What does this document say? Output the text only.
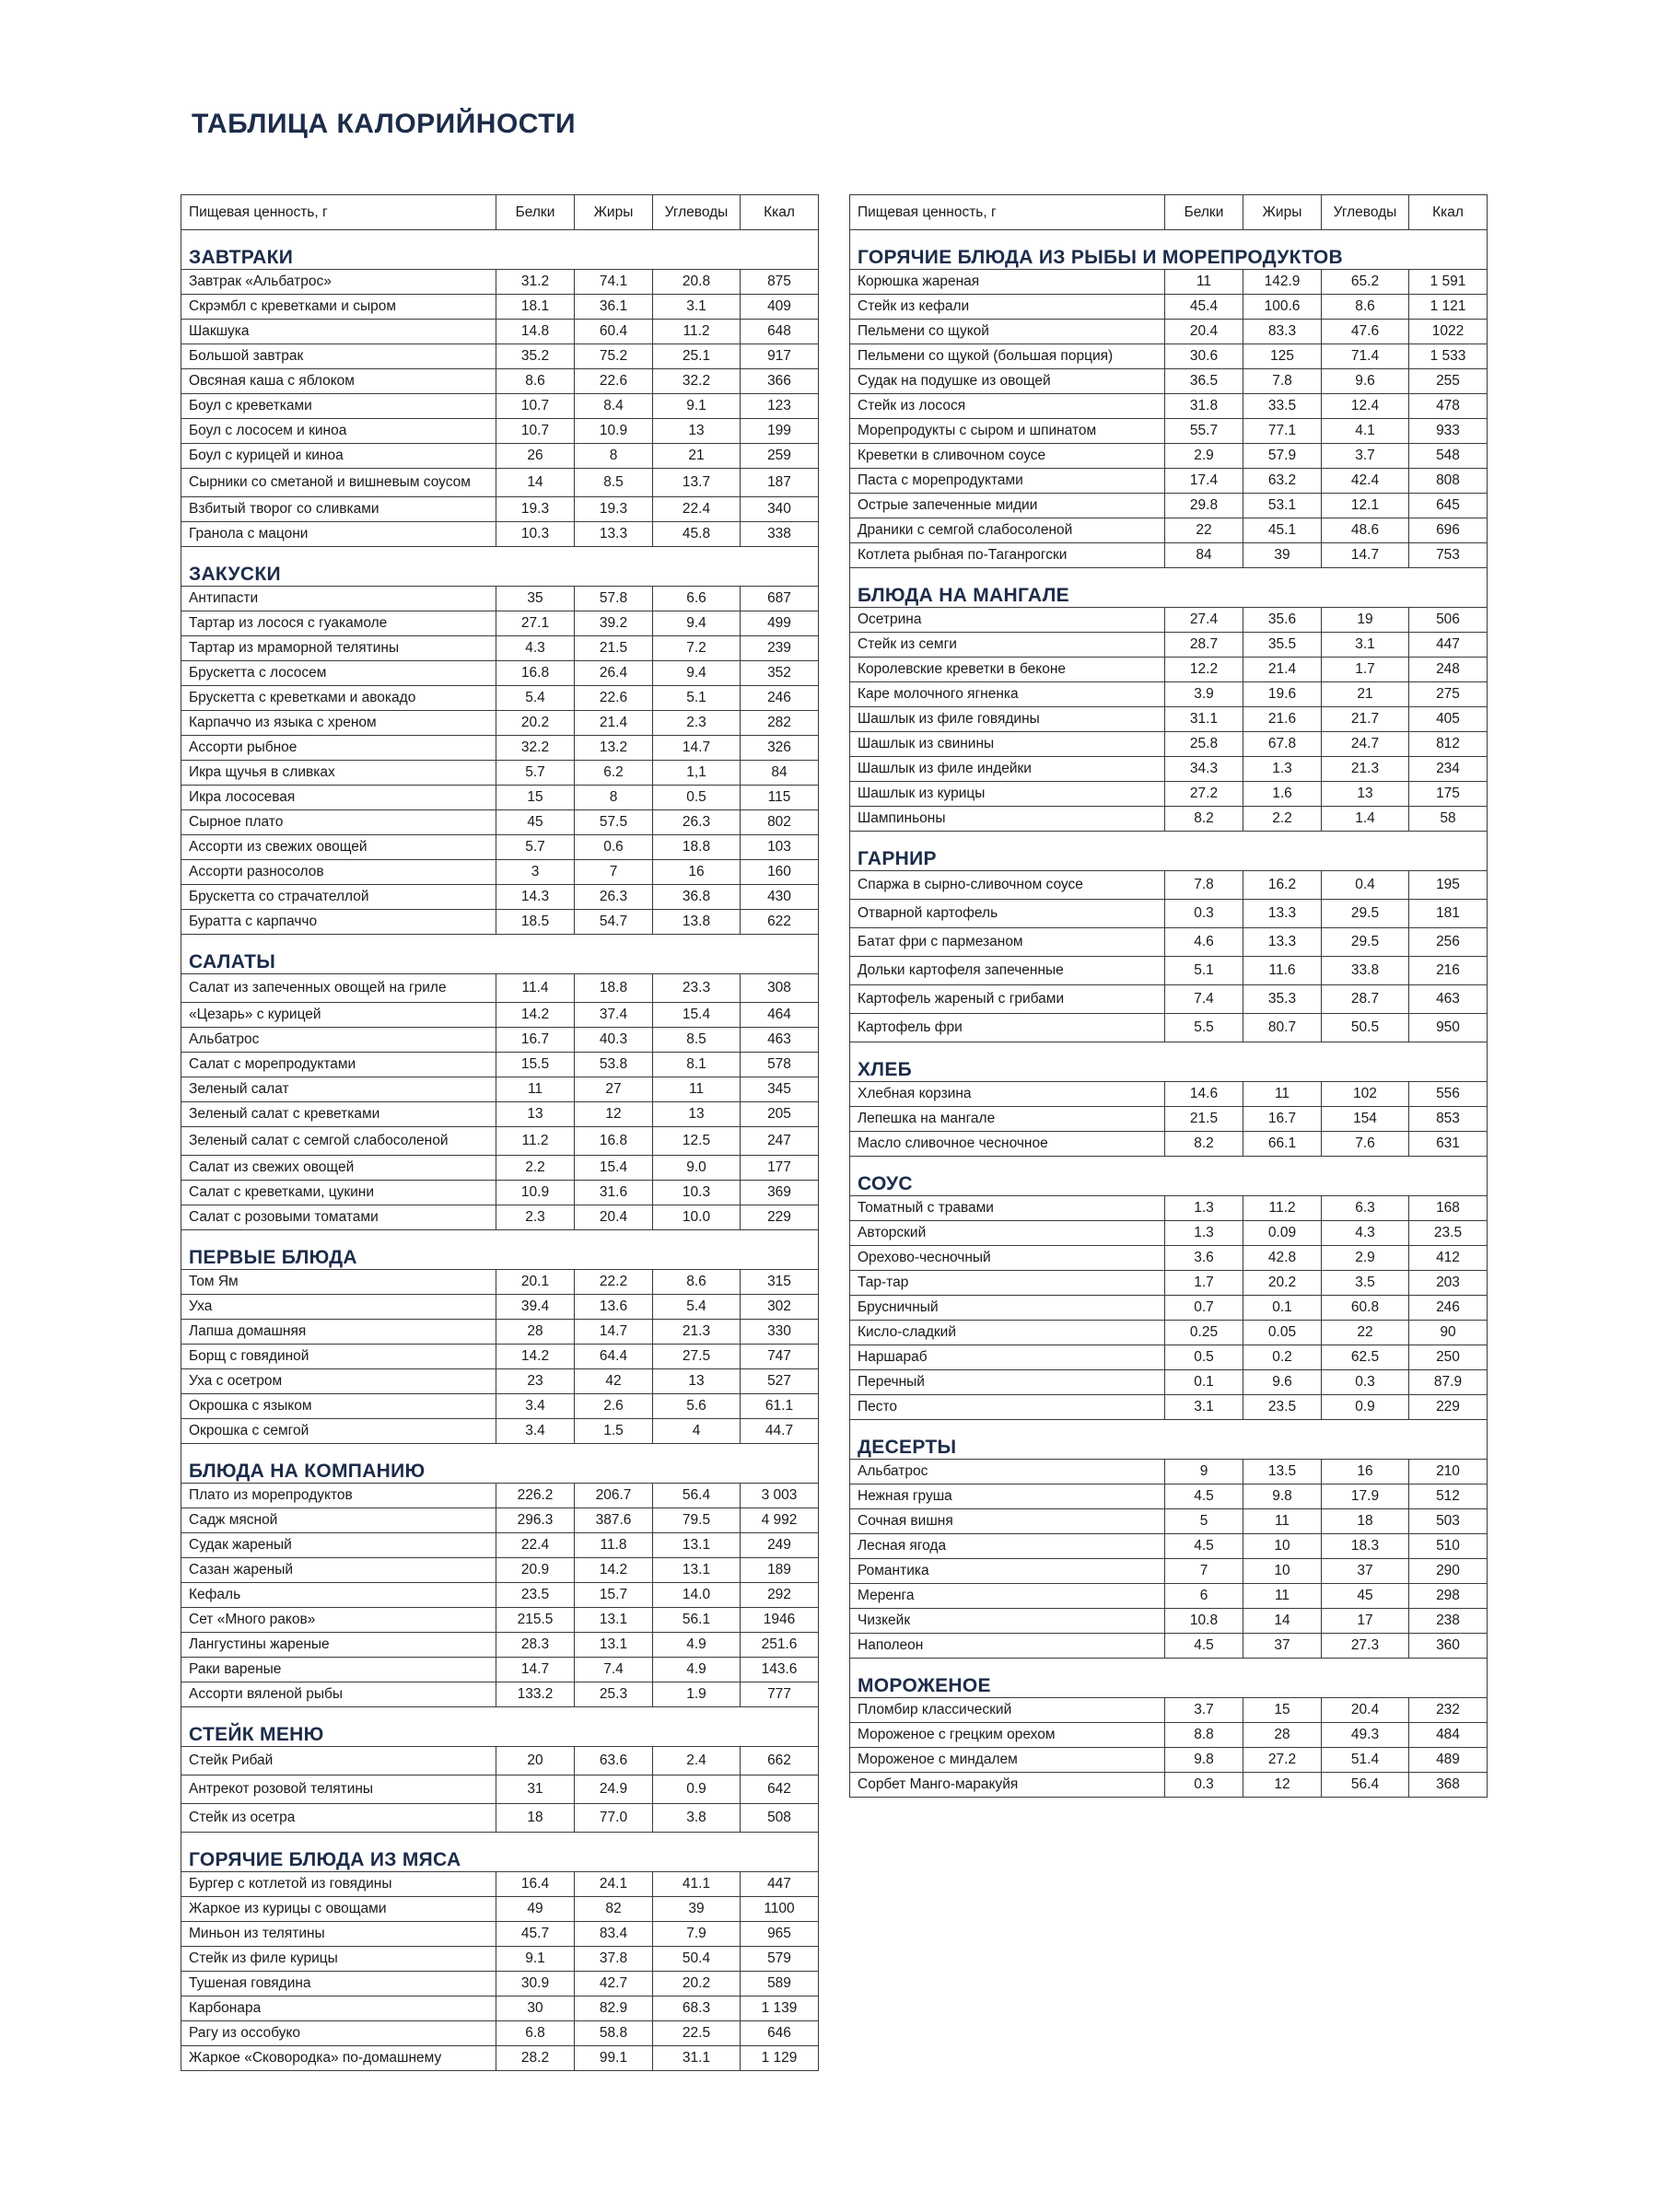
ТАБЛИЦА КАЛОРИЙНОСТИ
Пищевая ценность, г	Белки	Жиры	Углеводы	Ккал
ЗАВТРАКИ				
Завтрак «Альбатрос»	31.2	74.1	20.8	875
Скрэмбл с креветками и сыром	18.1	36.1	3.1	409
Шакшука	14.8	60.4	11.2	648
Большой завтрак	35.2	75.2	25.1	917
Овсяная каша с яблоком	8.6	22.6	32.2	366
Боул с креветками	10.7	8.4	9.1	123
Боул с лососем и киноа	10.7	10.9	13	199
Боул с курицей и киноа	26	8	21	259
Сырники со сметаной и вишневым соусом	14	8.5	13.7	187
Взбитый творог со сливками	19.3	19.3	22.4	340
Гранола с мацони	10.3	13.3	45.8	338
ЗАКУСКИ				
Антипасти	35	57.8	6.6	687
Тартар из лосося с гуакамоле	27.1	39.2	9.4	499
Тартар из мраморной телятины	4.3	21.5	7.2	239
Брускетта с лососем	16.8	26.4	9.4	352
Брускетта с креветками и авокадо	5.4	22.6	5.1	246
Карпаччо из языка с хреном	20.2	21.4	2.3	282
Ассорти рыбное	32.2	13.2	14.7	326
Икра щучья в сливках	5.7	6.2	1,1	84
Икра лососевая	15	8	0.5	115
Сырное плато	45	57.5	26.3	802
Ассорти из свежих овощей	5.7	0.6	18.8	103
Ассорти разносолов	3	7	16	160
Брускетта со страчателлой	14.3	26.3	36.8	430
Буратта с карпаччо	18.5	54.7	13.8	622
САЛАТЫ				
Салат из запеченных овощей на гриле	11.4	18.8	23.3	308
«Цезарь» с курицей	14.2	37.4	15.4	464
Альбатрос	16.7	40.3	8.5	463
Салат с морепродуктами	15.5	53.8	8.1	578
Зеленый салат	11	27	11	345
Зеленый салат с креветками	13	12	13	205
Зеленый салат с семгой слабосоленой	11.2	16.8	12.5	247
Салат из свежих овощей	2.2	15.4	9.0	177
Салат с креветками, цукини	10.9	31.6	10.3	369
Салат с розовыми томатами	2.3	20.4	10.0	229
ПЕРВЫЕ БЛЮДА				
Том Ям	20.1	22.2	8.6	315
Уха	39.4	13.6	5.4	302
Лапша домашняя	28	14.7	21.3	330
Борщ с говядиной	14.2	64.4	27.5	747
Уха с осетром	23	42	13	527
Окрошка с языком	3.4	2.6	5.6	61.1
Окрошка с семгой	3.4	1.5	4	44.7
БЛЮДА НА КОМПАНИЮ				
Плато из морепродуктов	226.2	206.7	56.4	3 003
Садж мясной	296.3	387.6	79.5	4 992
Судак жареный	22.4	11.8	13.1	249
Сазан жареный	20.9	14.2	13.1	189
Кефаль	23.5	15.7	14.0	292
Сет «Много раков»	215.5	13.1	56.1	1946
Лангустины жареные	28.3	13.1	4.9	251.6
Раки вареные	14.7	7.4	4.9	143.6
Ассорти вяленой рыбы	133.2	25.3	1.9	777
СТЕЙК МЕНЮ				
Стейк Рибай	20	63.6	2.4	662
Антрекот розовой телятины	31	24.9	0.9	642
Стейк из осетра	18	77.0	3.8	508
ГОРЯЧИЕ БЛЮДА ИЗ МЯСА				
Бургер с котлетой из говядины	16.4	24.1	41.1	447
Жаркое из курицы с овощами	49	82	39	1100
Миньон из телятины	45.7	83.4	7.9	965
Стейк из филе курицы	9.1	37.8	50.4	579
Тушеная говядина	30.9	42.7	20.2	589
Карбонара	30	82.9	68.3	1 139
Рагу из оссобуко	6.8	58.8	22.5	646
Жаркое «Сковородка» по-домашнему	28.2	99.1	31.1	1 129
Пищевая ценность, г	Белки	Жиры	Углеводы	Ккал
ГОРЯЧИЕ БЛЮДА ИЗ РЫБЫ И МОРЕПРОДУКТОВ				
Корюшка жареная	11	142.9	65.2	1 591
Стейк из кефали	45.4	100.6	8.6	1 121
Пельмени со щукой	20.4	83.3	47.6	1022
Пельмени со щукой (большая порция)	30.6	125	71.4	1 533
Судак на подушке из овощей	36.5	7.8	9.6	255
Стейк из лосося	31.8	33.5	12.4	478
Морепродукты с сыром и шпинатом	55.7	77.1	4.1	933
Креветки в сливочном соусе	2.9	57.9	3.7	548
Паста с морепродуктами	17.4	63.2	42.4	808
Острые запеченные мидии	29.8	53.1	12.1	645
Драники с семгой слабосоленой	22	45.1	48.6	696
Котлета рыбная по-Таганрогски	84	39	14.7	753
БЛЮДА НА МАНГАЛЕ				
Осетрина	27.4	35.6	19	506
Стейк из семги	28.7	35.5	3.1	447
Королевские креветки в беконе	12.2	21.4	1.7	248
Каре молочного ягненка	3.9	19.6	21	275
Шашлык из филе говядины	31.1	21.6	21.7	405
Шашлык из свинины	25.8	67.8	24.7	812
Шашлык из филе индейки	34.3	1.3	21.3	234
Шашлык из курицы	27.2	1.6	13	175
Шампиньоны	8.2	2.2	1.4	58
ГАРНИР				
Спаржа в сырно-сливочном соусе	7.8	16.2	0.4	195
Отварной картофель	0.3	13.3	29.5	181
Батат фри с пармезаном	4.6	13.3	29.5	256
Дольки картофеля запеченные	5.1	11.6	33.8	216
Картофель жареный с грибами	7.4	35.3	28.7	463
Картофель фри	5.5	80.7	50.5	950
ХЛЕБ				
Хлебная корзина	14.6	11	102	556
Лепешка на мангале	21.5	16.7	154	853
Масло сливочное чесночное	8.2	66.1	7.6	631
СОУС				
Томатный с травами	1.3	11.2	6.3	168
Авторский	1.3	0.09	4.3	23.5
Орехово-чесночный	3.6	42.8	2.9	412
Тар-тар	1.7	20.2	3.5	203
Брусничный	0.7	0.1	60.8	246
Кисло-сладкий	0.25	0.05	22	90
Наршараб	0.5	0.2	62.5	250
Перечный	0.1	9.6	0.3	87.9
Песто	3.1	23.5	0.9	229
ДЕСЕРТЫ				
Альбатрос	9	13.5	16	210
Нежная груша	4.5	9.8	17.9	512
Сочная вишня	5	11	18	503
Лесная ягода	4.5	10	18.3	510
Романтика	7	10	37	290
Меренга	6	11	45	298
Чизкейк	10.8	14	17	238
Наполеон	4.5	37	27.3	360
МОРОЖЕНОЕ				
Пломбир классический	3.7	15	20.4	232
Мороженое с грецким орехом	8.8	28	49.3	484
Мороженое с миндалем	9.8	27.2	51.4	489
Сорбет Манго-маракуйя	0.3	12	56.4	368
